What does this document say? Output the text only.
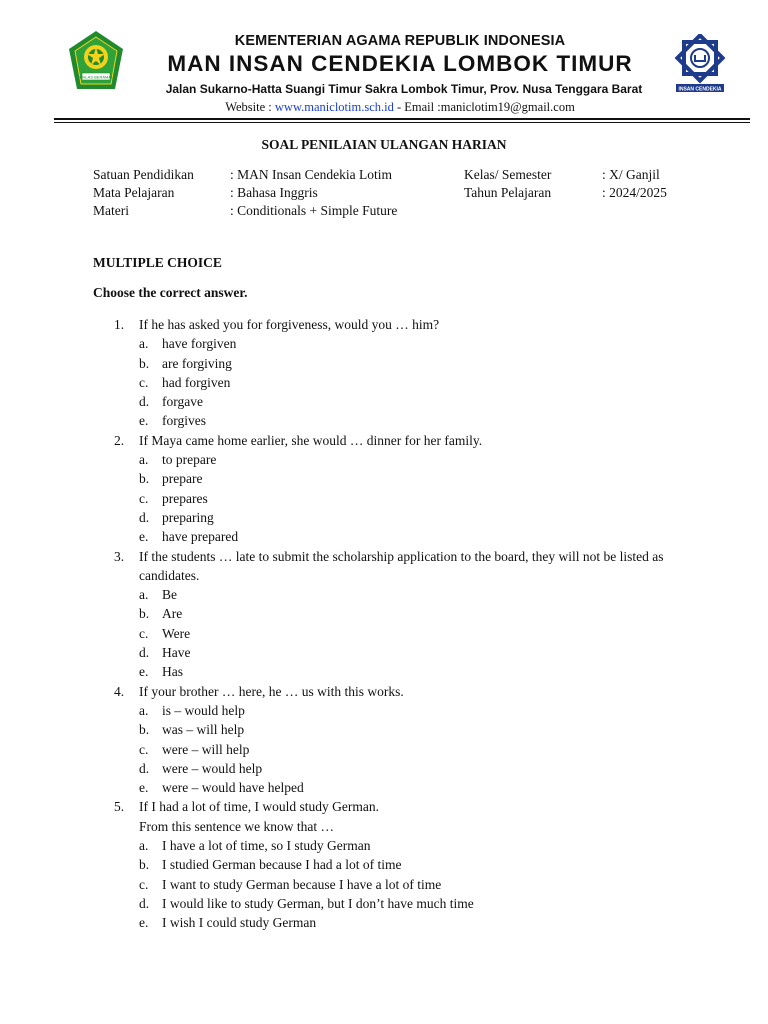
IKHLAS BERAMAL
INSAN CENDEKIA
KEMENTERIAN AGAMA REPUBLIK INDONESIA
MAN INSAN CENDEKIA LOMBOK TIMUR
Jalan Sukarno-Hatta Suangi Timur Sakra Lombok Timur, Prov. Nusa Tenggara Barat
Website : www.maniclotim.sch.id - Email :maniclotim19@gmail.com
SOAL PENILAIAN ULANGAN HARIAN
Satuan Pendidikan
Mata Pelajaran
Materi
: MAN Insan Cendekia Lotim
: Bahasa Inggris
: Conditionals + Simple Future
Kelas/ Semester
Tahun Pelajaran
: X/ Ganjil
: 2024/2025
MULTIPLE CHOICE
Choose the correct answer.
1. If he has asked you for forgiveness, would you … him?
a. have forgiven
b. are forgiving
c. had forgiven
d. forgave
e. forgives
2. If Maya came home earlier, she would … dinner for her family.
a. to prepare
b. prepare
c. prepares
d. preparing
e. have prepared
3. If the students … late to submit the scholarship application to the board, they will not be listed as candidates.
a. Be
b. Are
c. Were
d. Have
e. Has
4. If your brother … here, he … us with this works.
a. is – would help
b. was – will help
c. were – will help
d. were – would help
e. were – would have helped
5. If I had a lot of time, I would study German.
From this sentence we know that …
a. I have a lot of time, so I study German
b. I studied German because I had a lot of time
c. I want to study German because I have a lot of time
d. I would like to study German, but I don’t have much time
e. I wish I could study German
